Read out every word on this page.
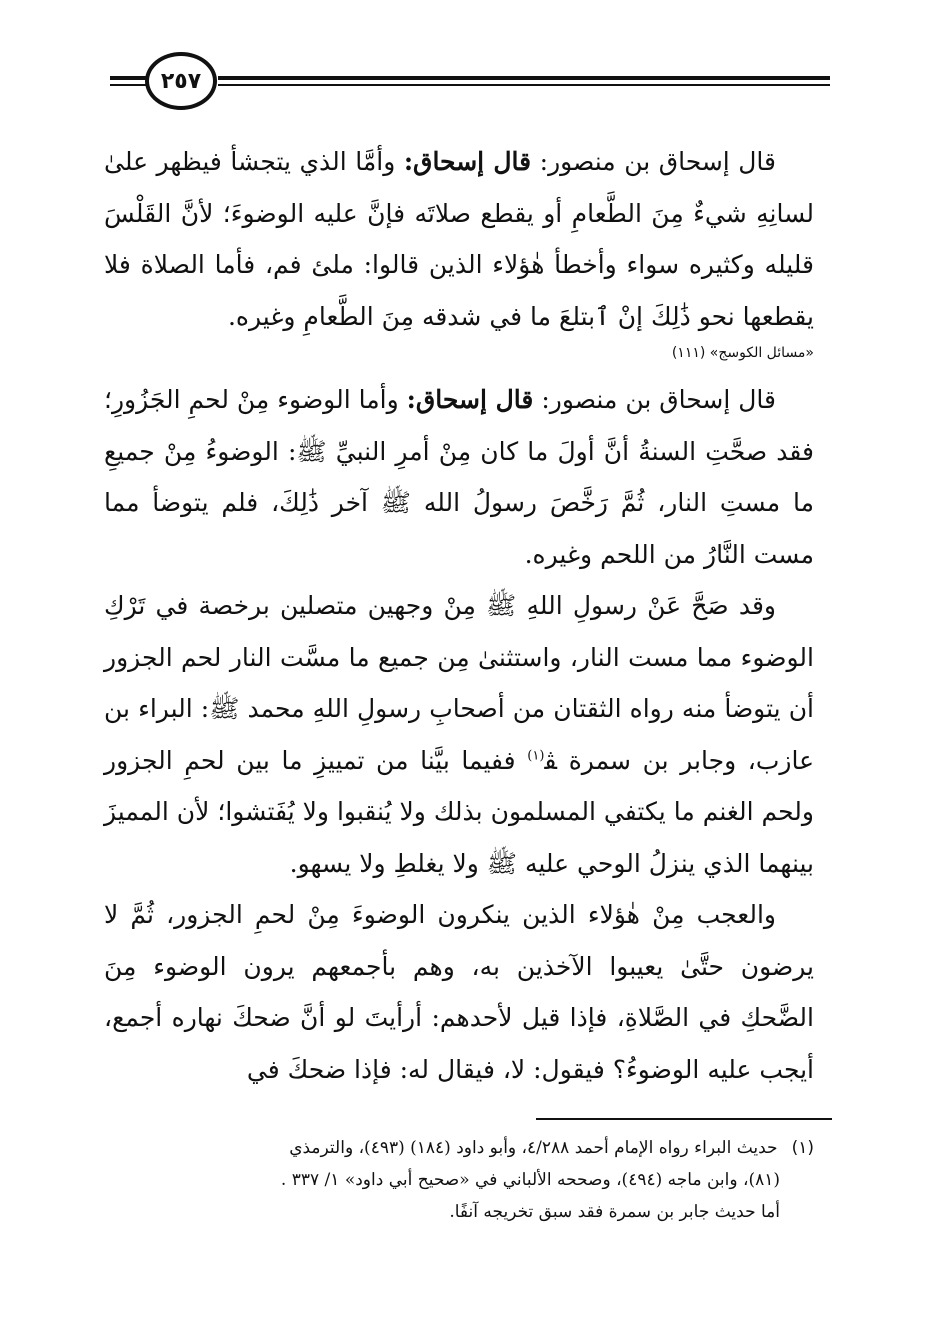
٢٥٧

قال إسحاق بن منصور: قال إسحاق: وأمَّا الذي يتجشأ فيظهر علىٰ لسانِهِ شيءٌ مِنَ الطَّعامِ أو يقطع صلاتَه فإنَّ عليه الوضوءَ؛ لأنَّ القَلْسَ قليله وكثيره سواء وأخطأ هٰؤلاء الذين قالوا: ملئ فم، فأما الصلاة فلا يقطعها نحو ذَٰلِكَ إنْ ٱبتلعَ ما في شدقه مِنَ الطَّعامِ وغيره.

«مسائل الكوسج» (١١١)

قال إسحاق بن منصور: قال إسحاق: وأما الوضوء مِنْ لحمِ الجَزُورِ؛ فقد صحَّتِ السنةُ أنَّ أولَ ما كان مِنْ أمرِ النبيِّ ﷺ: الوضوءُ مِنْ جميعِ ما مستِ النار، ثُمَّ رَخَّصَ رسولُ الله ﷺ آخر ذَٰلِكَ، فلم يتوضأ مما مست النَّارُ من اللحم وغيره.

وقد صَحَّ عَنْ رسولِ اللهِ ﷺ مِنْ وجهين متصلين برخصة في تَرْكِ الوضوء مما مست النار، واستثنىٰ مِن جميع ما مسَّت النار لحم الجزور أن يتوضأ منه رواه الثقتان من أصحابِ رسولِ اللهِ محمد ﷺ: البراء بن عازب، وجابر بن سمرة ﭭ$^{(١)}$ ففيما بيَّنا من تمييزِ ما بين لحمِ الجزور ولحم الغنم ما يكتفي المسلمون بذلك ولا يُنقبوا ولا يُفَتشوا؛ لأن المميزَ بينهما الذي ينزلُ الوحي عليه ﷺ ولا يغلطِ ولا يسهو.

والعجب مِنْ هٰؤلاء الذين ينكرون الوضوءَ مِنْ لحمِ الجزور، ثُمَّ لا يرضون حتَّىٰ يعيبوا الآخذين به، وهم بأجمعهم يرون الوضوء مِنَ الضَّحكِ في الصَّلاةِ، فإذا قيل لأحدهم: أرأيتَ لو أنَّ ضحكَ نهاره أجمع، أيجب عليه الوضوءُ؟ فيقول: لا، فيقال له: فإذا ضحكَ في

(١)حديث البراء رواه الإمام أحمد ٤/٢٨٨، وأبو داود (١٨٤) (٤٩٣)، والترمذي

(٨١)، وابن ماجه (٤٩٤)، وصححه الألباني في «صحيح أبي داود» ١/ ٣٣٧ .

أما حديث جابر بن سمرة فقد سبق تخريجه آنفًا.
